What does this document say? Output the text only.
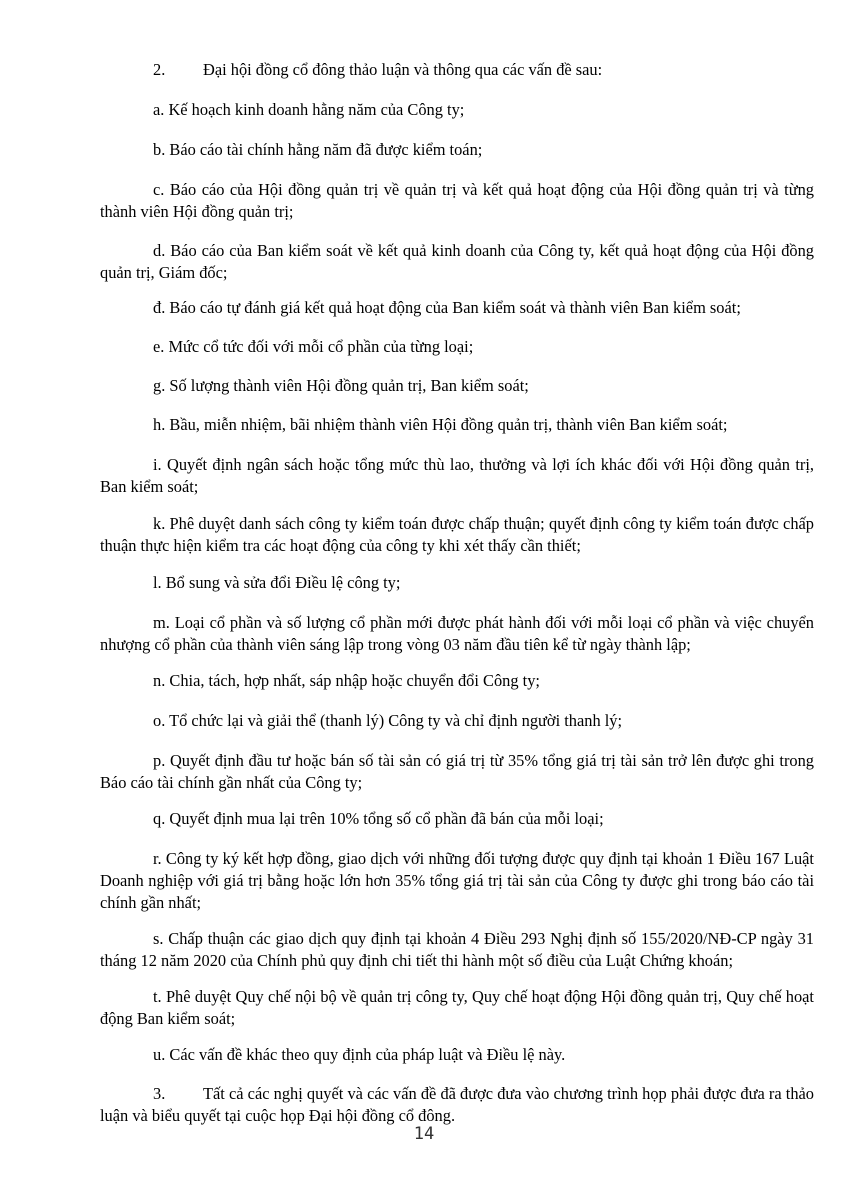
2. Đại hội đồng cổ đông thảo luận và thông qua các vấn đề sau:

a. Kế hoạch kinh doanh hằng năm của Công ty;

b. Báo cáo tài chính hằng năm đã được kiểm toán;

c. Báo cáo của Hội đồng quản trị về quản trị và kết quả hoạt động của Hội đồng quản trị và từng thành viên Hội đồng quản trị;

d. Báo cáo của Ban kiểm soát về kết quả kinh doanh của Công ty, kết quả hoạt động của Hội đồng quản trị, Giám đốc;

đ. Báo cáo tự đánh giá kết quả hoạt động của Ban kiểm soát và thành viên Ban kiểm soát;

e. Mức cổ tức đối với mỗi cổ phần của từng loại;

g. Số lượng thành viên Hội đồng quản trị, Ban kiểm soát;

h. Bầu, miễn nhiệm, bãi nhiệm thành viên Hội đồng quản trị, thành viên Ban kiểm soát;

i. Quyết định ngân sách hoặc tổng mức thù lao, thưởng và lợi ích khác đối với Hội đồng quản trị, Ban kiểm soát;

k. Phê duyệt danh sách công ty kiểm toán được chấp thuận; quyết định công ty kiểm toán được chấp thuận thực hiện kiểm tra các hoạt động của công ty khi xét thấy cần thiết;

l. Bổ sung và sửa đổi Điều lệ công ty;

m. Loại cổ phần và số lượng cổ phần mới được phát hành đối với mỗi loại cổ phần và việc chuyển nhượng cổ phần của thành viên sáng lập trong vòng 03 năm đầu tiên kể từ ngày thành lập;

n. Chia, tách, hợp nhất, sáp nhập hoặc chuyển đổi Công ty;

o. Tổ chức lại và giải thể (thanh lý) Công ty và chỉ định người thanh lý;

p. Quyết định đầu tư hoặc bán số tài sản có giá trị từ 35% tổng giá trị tài sản trở lên được ghi trong Báo cáo tài chính gần nhất của Công ty;

q. Quyết định mua lại trên 10% tổng số cổ phần đã bán của mỗi loại;

r. Công ty ký kết hợp đồng, giao dịch với những đối tượng được quy định tại khoản 1 Điều 167 Luật Doanh nghiệp với giá trị bằng hoặc lớn hơn 35% tổng giá trị tài sản của Công ty được ghi trong báo cáo tài chính gần nhất;

s. Chấp thuận các giao dịch quy định tại khoản 4 Điều 293 Nghị định số 155/2020/NĐ-CP ngày 31 tháng 12 năm 2020 của Chính phủ quy định chi tiết thi hành một số điều của Luật Chứng khoán;

t. Phê duyệt Quy chế nội bộ về quản trị công ty, Quy chế hoạt động Hội đồng quản trị, Quy chế hoạt động Ban kiểm soát;

u. Các vấn đề khác theo quy định của pháp luật và Điều lệ này.

3. Tất cả các nghị quyết và các vấn đề đã được đưa vào chương trình họp phải được đưa ra thảo luận và biểu quyết tại cuộc họp Đại hội đồng cổ đông.

14
